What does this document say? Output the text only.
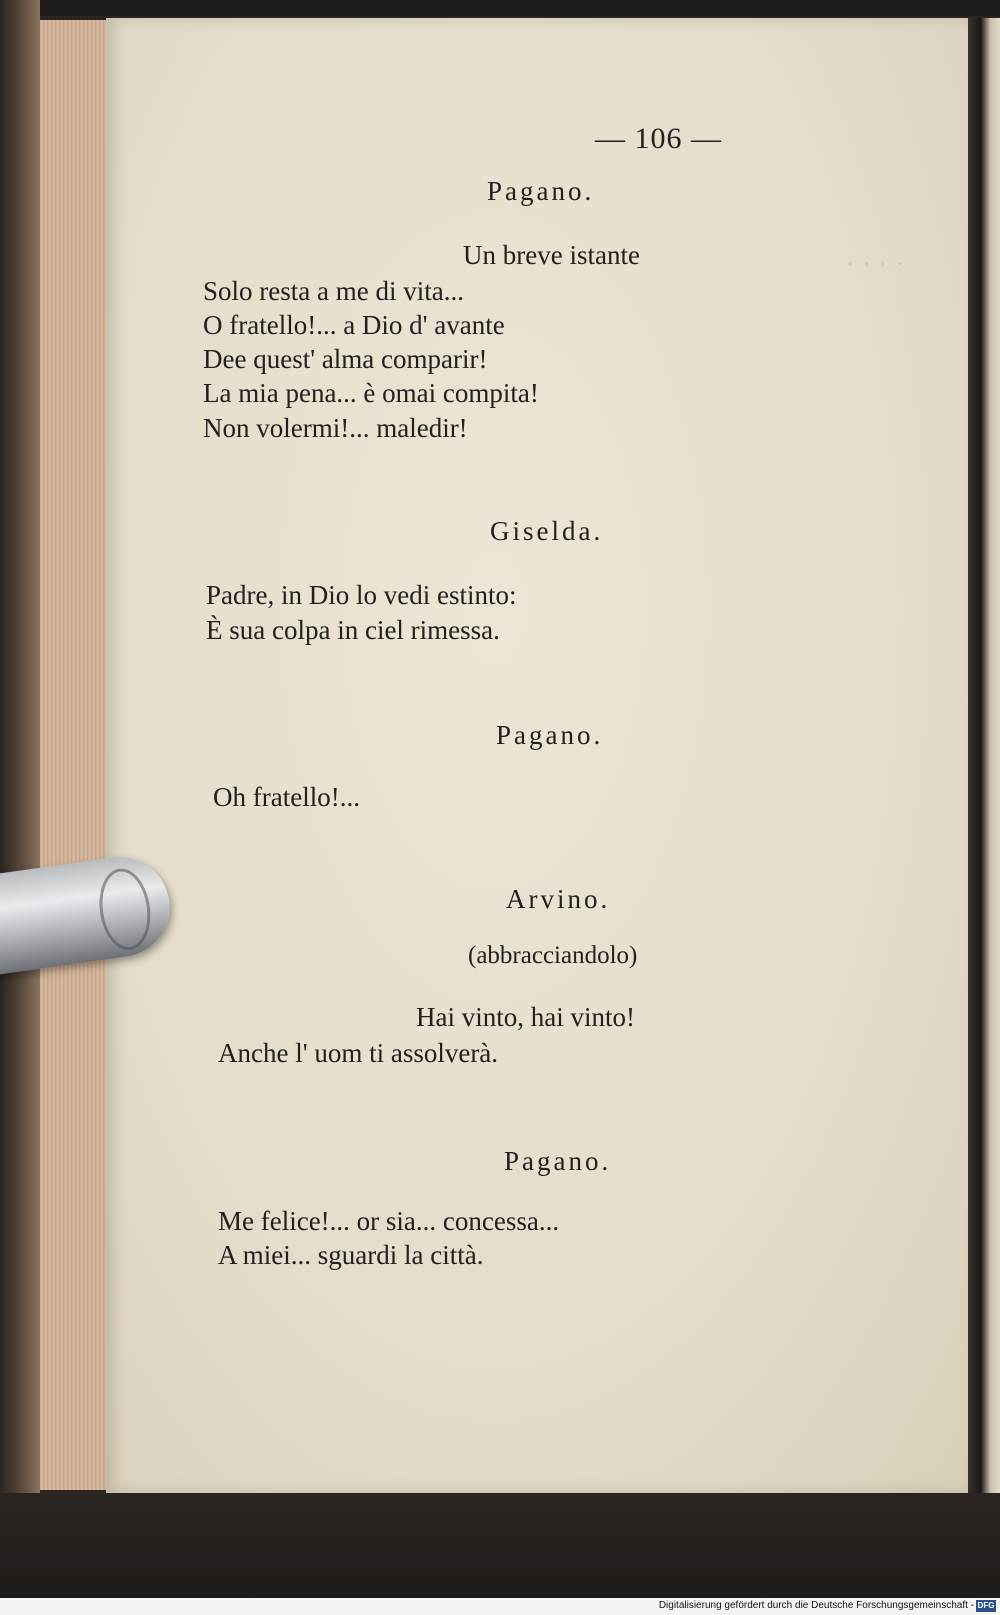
· · · ·
— 106 —
Pagano.
Un breve istante
Solo resta a me di vita...
O fratello!... a Dio d' avante
Dee quest' alma comparir!
La mia pena... è omai compita!
Non volermi!... maledir!
Giselda.
Padre, in Dio lo vedi estinto:
È sua colpa in ciel rimessa.
Pagano.
Oh fratello!...
Arvino.
(abbracciandolo)
Hai vinto, hai vinto!
Anche l' uom ti assolverà.
Pagano.
Me felice!... or sia... concessa...
A miei... sguardi la città.
Digitalisierung gefördert durch die Deutsche Forschungsgemeinschaft - DFG
